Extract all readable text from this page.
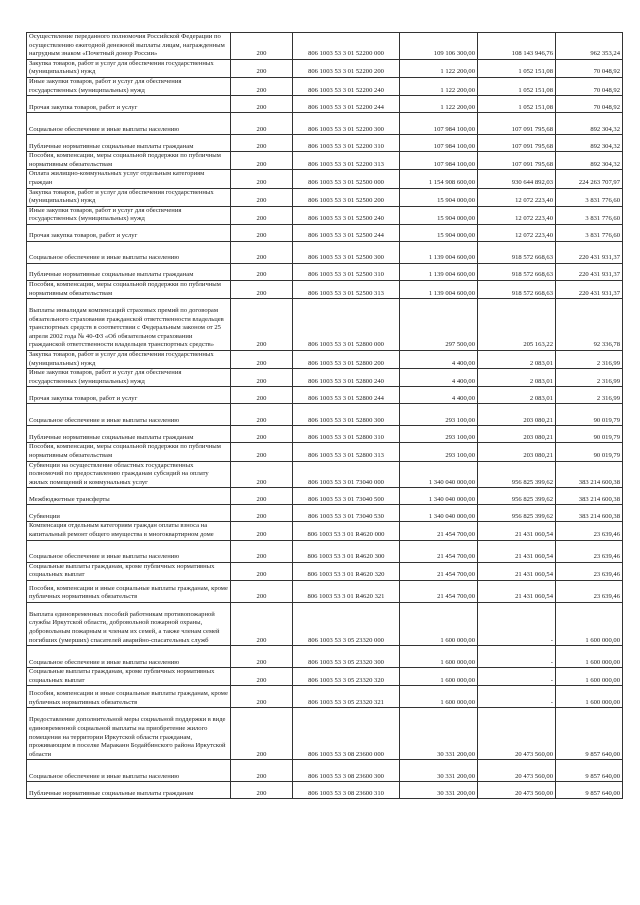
Осуществление переданного полномочия Российской Федерации по осуществлению ежегодной денежной выплаты лицам, награжденным нагрудным знаком «Почетный донор России»	200	806 1003 53 3 01 52200 000	109 106 300,00	108 143 946,76	962 353,24
Закупка товаров, работ и услуг для обеспечения государственных (муниципальных) нужд	200	806 1003 53 3 01 52200 200	1 122 200,00	1 052 151,08	70 048,92
Иные закупки товаров, работ и услуг для обеспечения государственных (муниципальных) нужд	200	806 1003 53 3 01 52200 240	1 122 200,00	1 052 151,08	70 048,92
Прочая закупка товаров, работ и услуг	200	806 1003 53 3 01 52200 244	1 122 200,00	1 052 151,08	70 048,92
Социальное обеспечение и иные выплаты населению	200	806 1003 53 3 01 52200 300	107 984 100,00	107 091 795,68	892 304,32
Публичные нормативные социальные выплаты гражданам	200	806 1003 53 3 01 52200 310	107 984 100,00	107 091 795,68	892 304,32
Пособия, компенсации, меры социальной поддержки по публичным нормативным обязательствам	200	806 1003 53 3 01 52200 313	107 984 100,00	107 091 795,68	892 304,32
Оплата жилищно-коммунальных услуг отдельным категориям граждан	200	806 1003 53 3 01 52500 000	1 154 908 600,00	930 644 892,03	224 263 707,97
Закупка товаров, работ и услуг для обеспечения государственных (муниципальных) нужд	200	806 1003 53 3 01 52500 200	15 904 000,00	12 072 223,40	3 831 776,60
Иные закупки товаров, работ и услуг для обеспечения государственных (муниципальных) нужд	200	806 1003 53 3 01 52500 240	15 904 000,00	12 072 223,40	3 831 776,60
Прочая закупка товаров, работ и услуг	200	806 1003 53 3 01 52500 244	15 904 000,00	12 072 223,40	3 831 776,60
Социальное обеспечение и иные выплаты населению	200	806 1003 53 3 01 52500 300	1 139 004 600,00	918 572 668,63	220 431 931,37
Публичные нормативные социальные выплаты гражданам	200	806 1003 53 3 01 52500 310	1 139 004 600,00	918 572 668,63	220 431 931,37
Пособия, компенсации, меры социальной поддержки по публичным нормативным обязательствам	200	806 1003 53 3 01 52500 313	1 139 004 600,00	918 572 668,63	220 431 931,37
Выплаты инвалидам компенсаций страховых премий по договорам обязательного страхования гражданской ответственности владельцев транспортных средств в соответствии с Федеральным законом от 25 апреля 2002 года № 40-ФЗ «Об обязательном страховании гражданской ответственности владельцев транспортных средств»	200	806 1003 53 3 01 52800 000	297 500,00	205 163,22	92 336,78
Закупка товаров, работ и услуг для обеспечения государственных (муниципальных) нужд	200	806 1003 53 3 01 52800 200	4 400,00	2 083,01	2 316,99
Иные закупки товаров, работ и услуг для обеспечения государственных (муниципальных) нужд	200	806 1003 53 3 01 52800 240	4 400,00	2 083,01	2 316,99
Прочая закупка товаров, работ и услуг	200	806 1003 53 3 01 52800 244	4 400,00	2 083,01	2 316,99
Социальное обеспечение и иные выплаты населению	200	806 1003 53 3 01 52800 300	293 100,00	203 080,21	90 019,79
Публичные нормативные социальные выплаты гражданам	200	806 1003 53 3 01 52800 310	293 100,00	203 080,21	90 019,79
Пособия, компенсации, меры социальной поддержки по публичным нормативным обязательствам	200	806 1003 53 3 01 52800 313	293 100,00	203 080,21	90 019,79
Субвенции на осуществление областных государственных полномочий по предоставлению гражданам субсидий на оплату жилых помещений и коммунальных услуг	200	806 1003 53 3 01 73040 000	1 340 040 000,00	956 825 399,62	383 214 600,38
Межбюджетные трансферты	200	806 1003 53 3 01 73040 500	1 340 040 000,00	956 825 399,62	383 214 600,38
Субвенции	200	806 1003 53 3 01 73040 530	1 340 040 000,00	956 825 399,62	383 214 600,38
Компенсация отдельным категориям граждан оплаты взноса на капитальный ремонт общего имущества в многоквартирном доме	200	806 1003 53 3 01 R4620 000	21 454 700,00	21 431 060,54	23 639,46
Социальное обеспечение и иные выплаты населению	200	806 1003 53 3 01 R4620 300	21 454 700,00	21 431 060,54	23 639,46
Социальные выплаты гражданам, кроме публичных нормативных социальных выплат	200	806 1003 53 3 01 R4620 320	21 454 700,00	21 431 060,54	23 639,46
Пособия, компенсации и иные социальные выплаты гражданам, кроме публичных нормативных обязательств	200	806 1003 53 3 01 R4620 321	21 454 700,00	21 431 060,54	23 639,46
Выплата единовременных пособий работникам противопожарной службы Иркутской области, добровольной пожарной охраны, добровольным пожарным и членам их семей, а также членам семей погибших (умерших) спасателей аварийно-спасательных служб	200	806 1003 53 3 05 23320 000	1 600 000,00	-	1 600 000,00
Социальное обеспечение и иные выплаты населению	200	806 1003 53 3 05 23320 300	1 600 000,00	-	1 600 000,00
Социальные выплаты гражданам, кроме публичных нормативных социальных выплат	200	806 1003 53 3 05 23320 320	1 600 000,00	-	1 600 000,00
Пособия, компенсации и иные социальные выплаты гражданам, кроме публичных нормативных обязательств	200	806 1003 53 3 05 23320 321	1 600 000,00	-	1 600 000,00
Предоставление дополнительной меры социальной поддержки в виде единовременной социальной выплаты на приобретение жилого помещения на территории Иркутской области гражданам, проживающим в поселке Мараканн Бодайбинского района Иркутской области	200	806 1003 53 3 08 23600 000	30 331 200,00	20 473 560,00	9 857 640,00
Социальное обеспечение и иные выплаты населению	200	806 1003 53 3 08 23600 300	30 331 200,00	20 473 560,00	9 857 640,00
Публичные нормативные социальные выплаты гражданам	200	806 1003 53 3 08 23600 310	30 331 200,00	20 473 560,00	9 857 640,00
